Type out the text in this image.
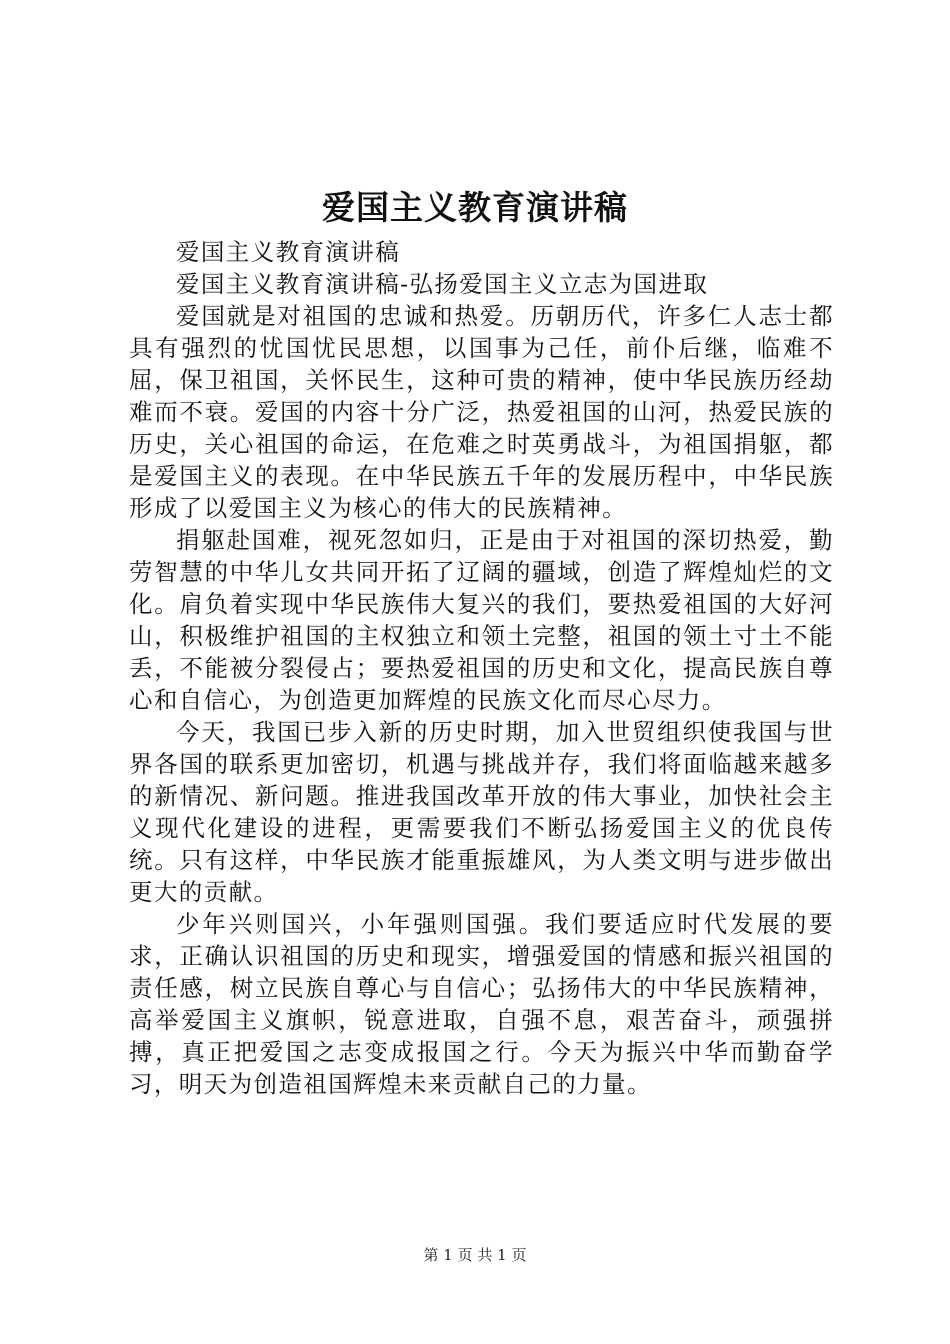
爱国主义教育演讲稿

爱国主义教育演讲稿

爱国主义教育演讲稿-弘扬爱国主义立志为国进取

爱国就是对祖国的忠诚和热爱。历朝历代，许多仁人志士都具有强烈的忧国忧民思想，以国事为己任，前仆后继，临难不屈，保卫祖国，关怀民生，这种可贵的精神，使中华民族历经劫难而不衰。爱国的内容十分广泛，热爱祖国的山河，热爱民族的历史，关心祖国的命运，在危难之时英勇战斗，为祖国捐躯，都是爱国主义的表现。在中华民族五千年的发展历程中，中华民族形成了以爱国主义为核心的伟大的民族精神。

捐躯赴国难，视死忽如归，正是由于对祖国的深切热爱，勤劳智慧的中华儿女共同开拓了辽阔的疆域，创造了辉煌灿烂的文化。肩负着实现中华民族伟大复兴的我们，要热爱祖国的大好河山，积极维护祖国的主权独立和领土完整，祖国的领土寸土不能丢，不能被分裂侵占；要热爱祖国的历史和文化，提高民族自尊心和自信心，为创造更加辉煌的民族文化而尽心尽力。

今天，我国已步入新的历史时期，加入世贸组织使我国与世界各国的联系更加密切，机遇与挑战并存，我们将面临越来越多的新情况、新问题。推进我国改革开放的伟大事业，加快社会主义现代化建设的进程，更需要我们不断弘扬爱国主义的优良传统。只有这样，中华民族才能重振雄风，为人类文明与进步做出更大的贡献。

少年兴则国兴，小年强则国强。我们要适应时代发展的要求，正确认识祖国的历史和现实，增强爱国的情感和振兴祖国的责任感，树立民族自尊心与自信心；弘扬伟大的中华民族精神，高举爱国主义旗帜，锐意进取，自强不息，艰苦奋斗，顽强拼搏，真正把爱国之志变成报国之行。今天为振兴中华而勤奋学习，明天为创造祖国辉煌未来贡献自己的力量。

第 1 页 共 1 页
